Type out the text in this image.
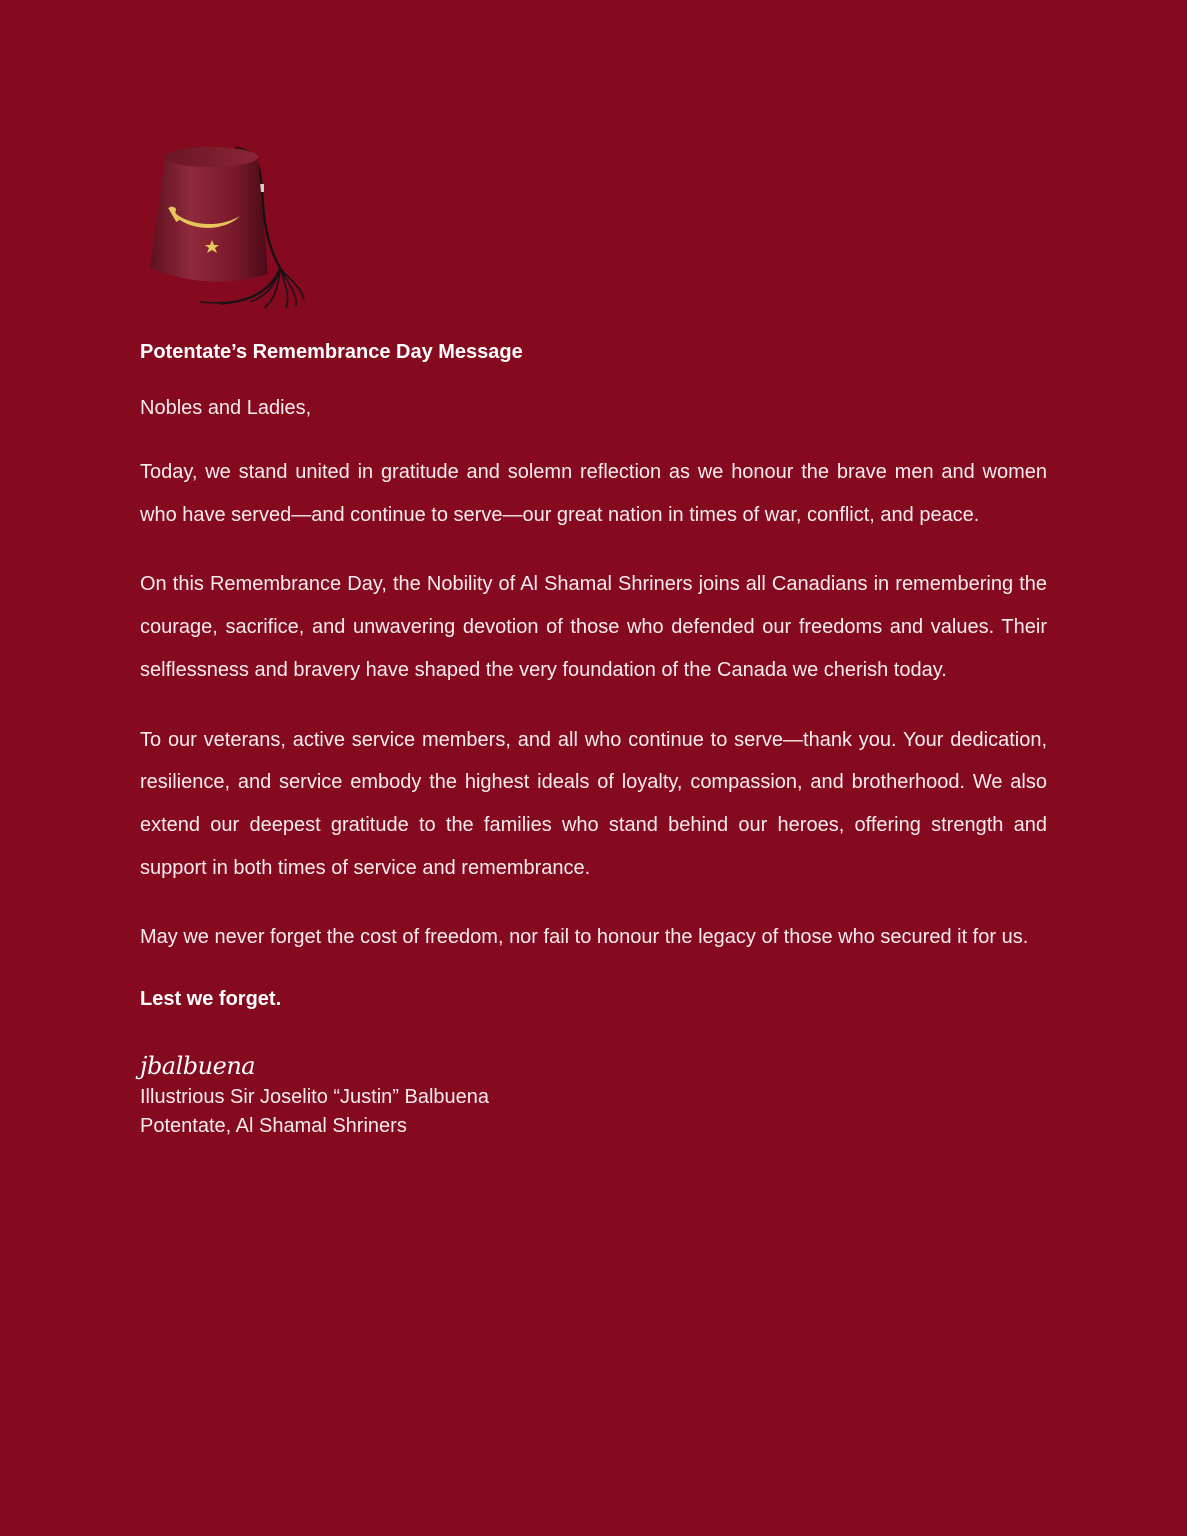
Potentate’s Remembrance Day Message

Nobles and Ladies,

Today, we stand united in gratitude and solemn reflection as we honour the brave men and women who have served—and continue to serve—our great nation in times of war, conflict, and peace.

On this Remembrance Day, the Nobility of Al Shamal Shriners joins all Canadians in remembering the courage, sacrifice, and unwavering devotion of those who defended our freedoms and values. Their selflessness and bravery have shaped the very foundation of the Canada we cherish today.

To our veterans, active service members, and all who continue to serve—thank you. Your dedication, resilience, and service embody the highest ideals of loyalty, compassion, and brotherhood. We also extend our deepest gratitude to the families who stand behind our heroes, offering strength and support in both times of service and remembrance.

May we never forget the cost of freedom, nor fail to honour the legacy of those who secured it for us.

Lest we forget.

jbalbuena

Illustrious Sir Joselito “Justin” Balbuena

Potentate, Al Shamal Shriners
